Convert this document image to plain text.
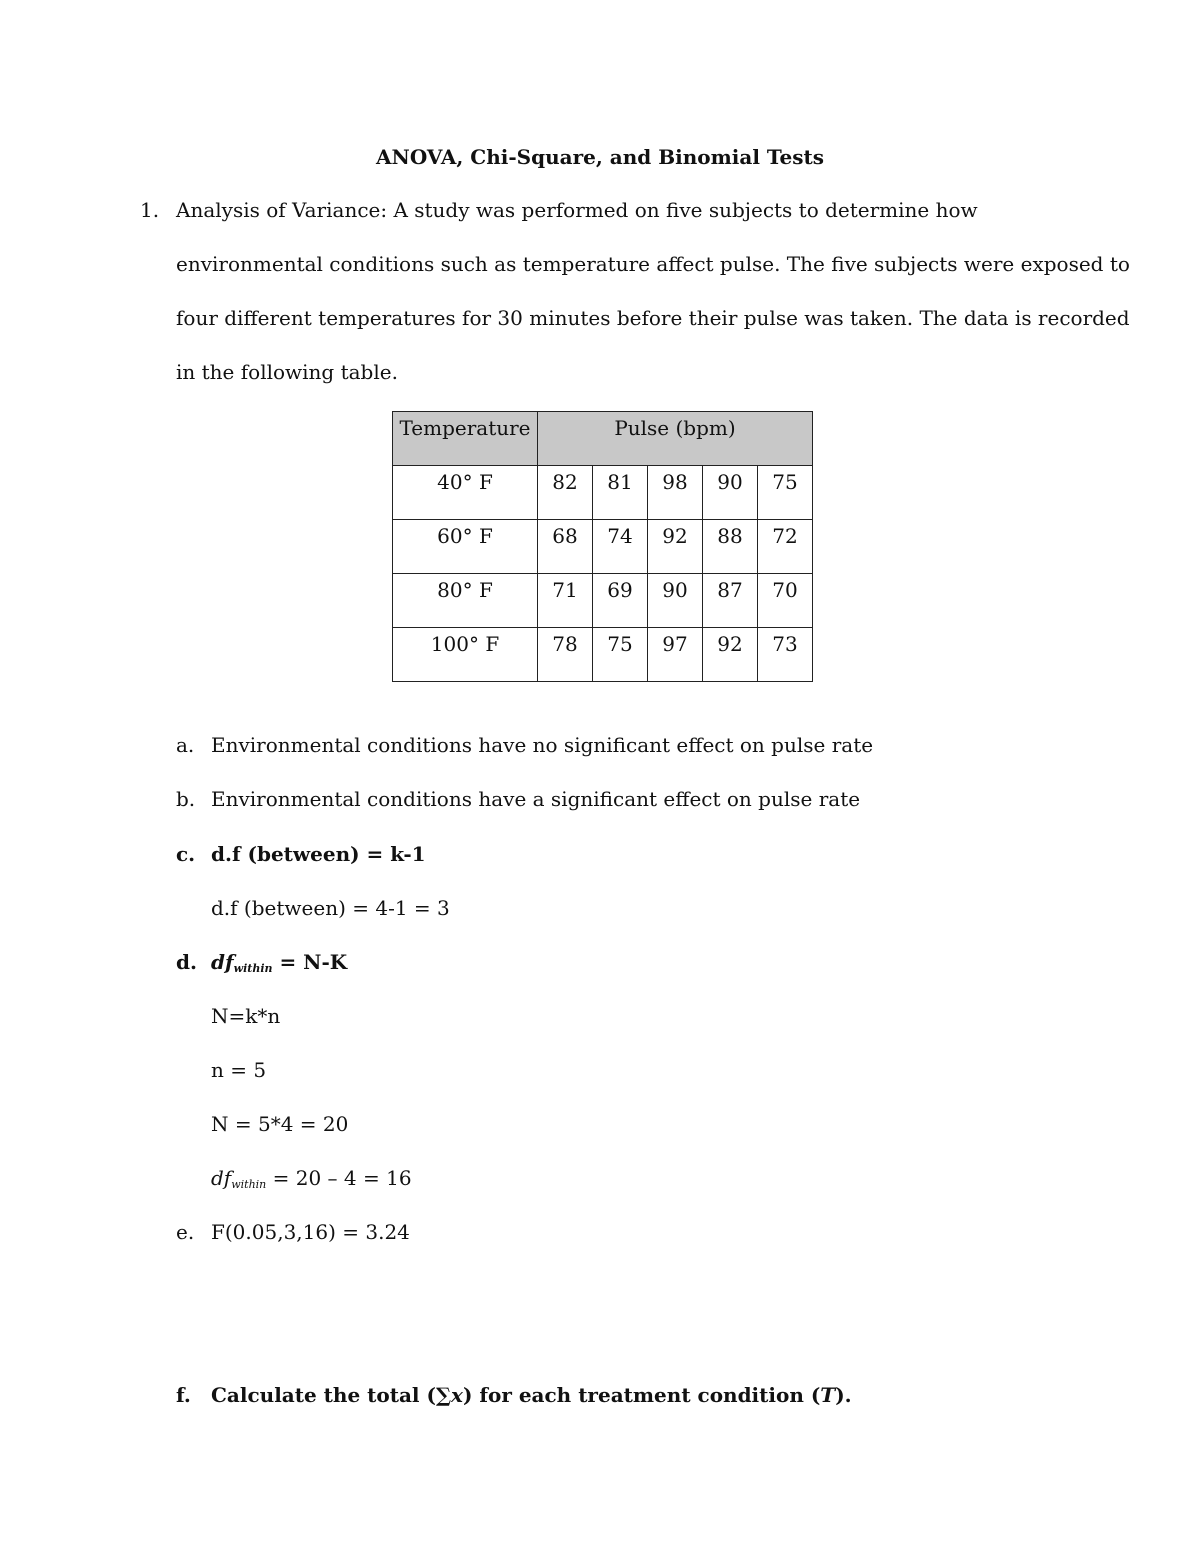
ANOVA, Chi-Square, and Binomial Tests
1. Analysis of Variance: A study was performed on five subjects to determine how
environmental conditions such as temperature affect pulse. The five subjects were exposed to
four different temperatures for 30 minutes before their pulse was taken. The data is recorded
in the following table.
Temperature	Pulse (bpm)				
40° F	82	81	98	90	75
60° F	68	74	92	88	72
80° F	71	69	90	87	70
100° F	78	75	97	92	73
a. Environmental conditions have no significant effect on pulse rate
b. Environmental conditions have a significant effect on pulse rate
c. d.f (between) = k-1
d.f (between) = 4-1 = 3
d. $df_{within} = N-K$
N=k*n
n = 5
N = 5*4 = 20
$df_{within} = 20 - 4 = 16$
e. F(0.05,3,16) = 3.24
f. Calculate the total (∑x) for each treatment condition (T).
